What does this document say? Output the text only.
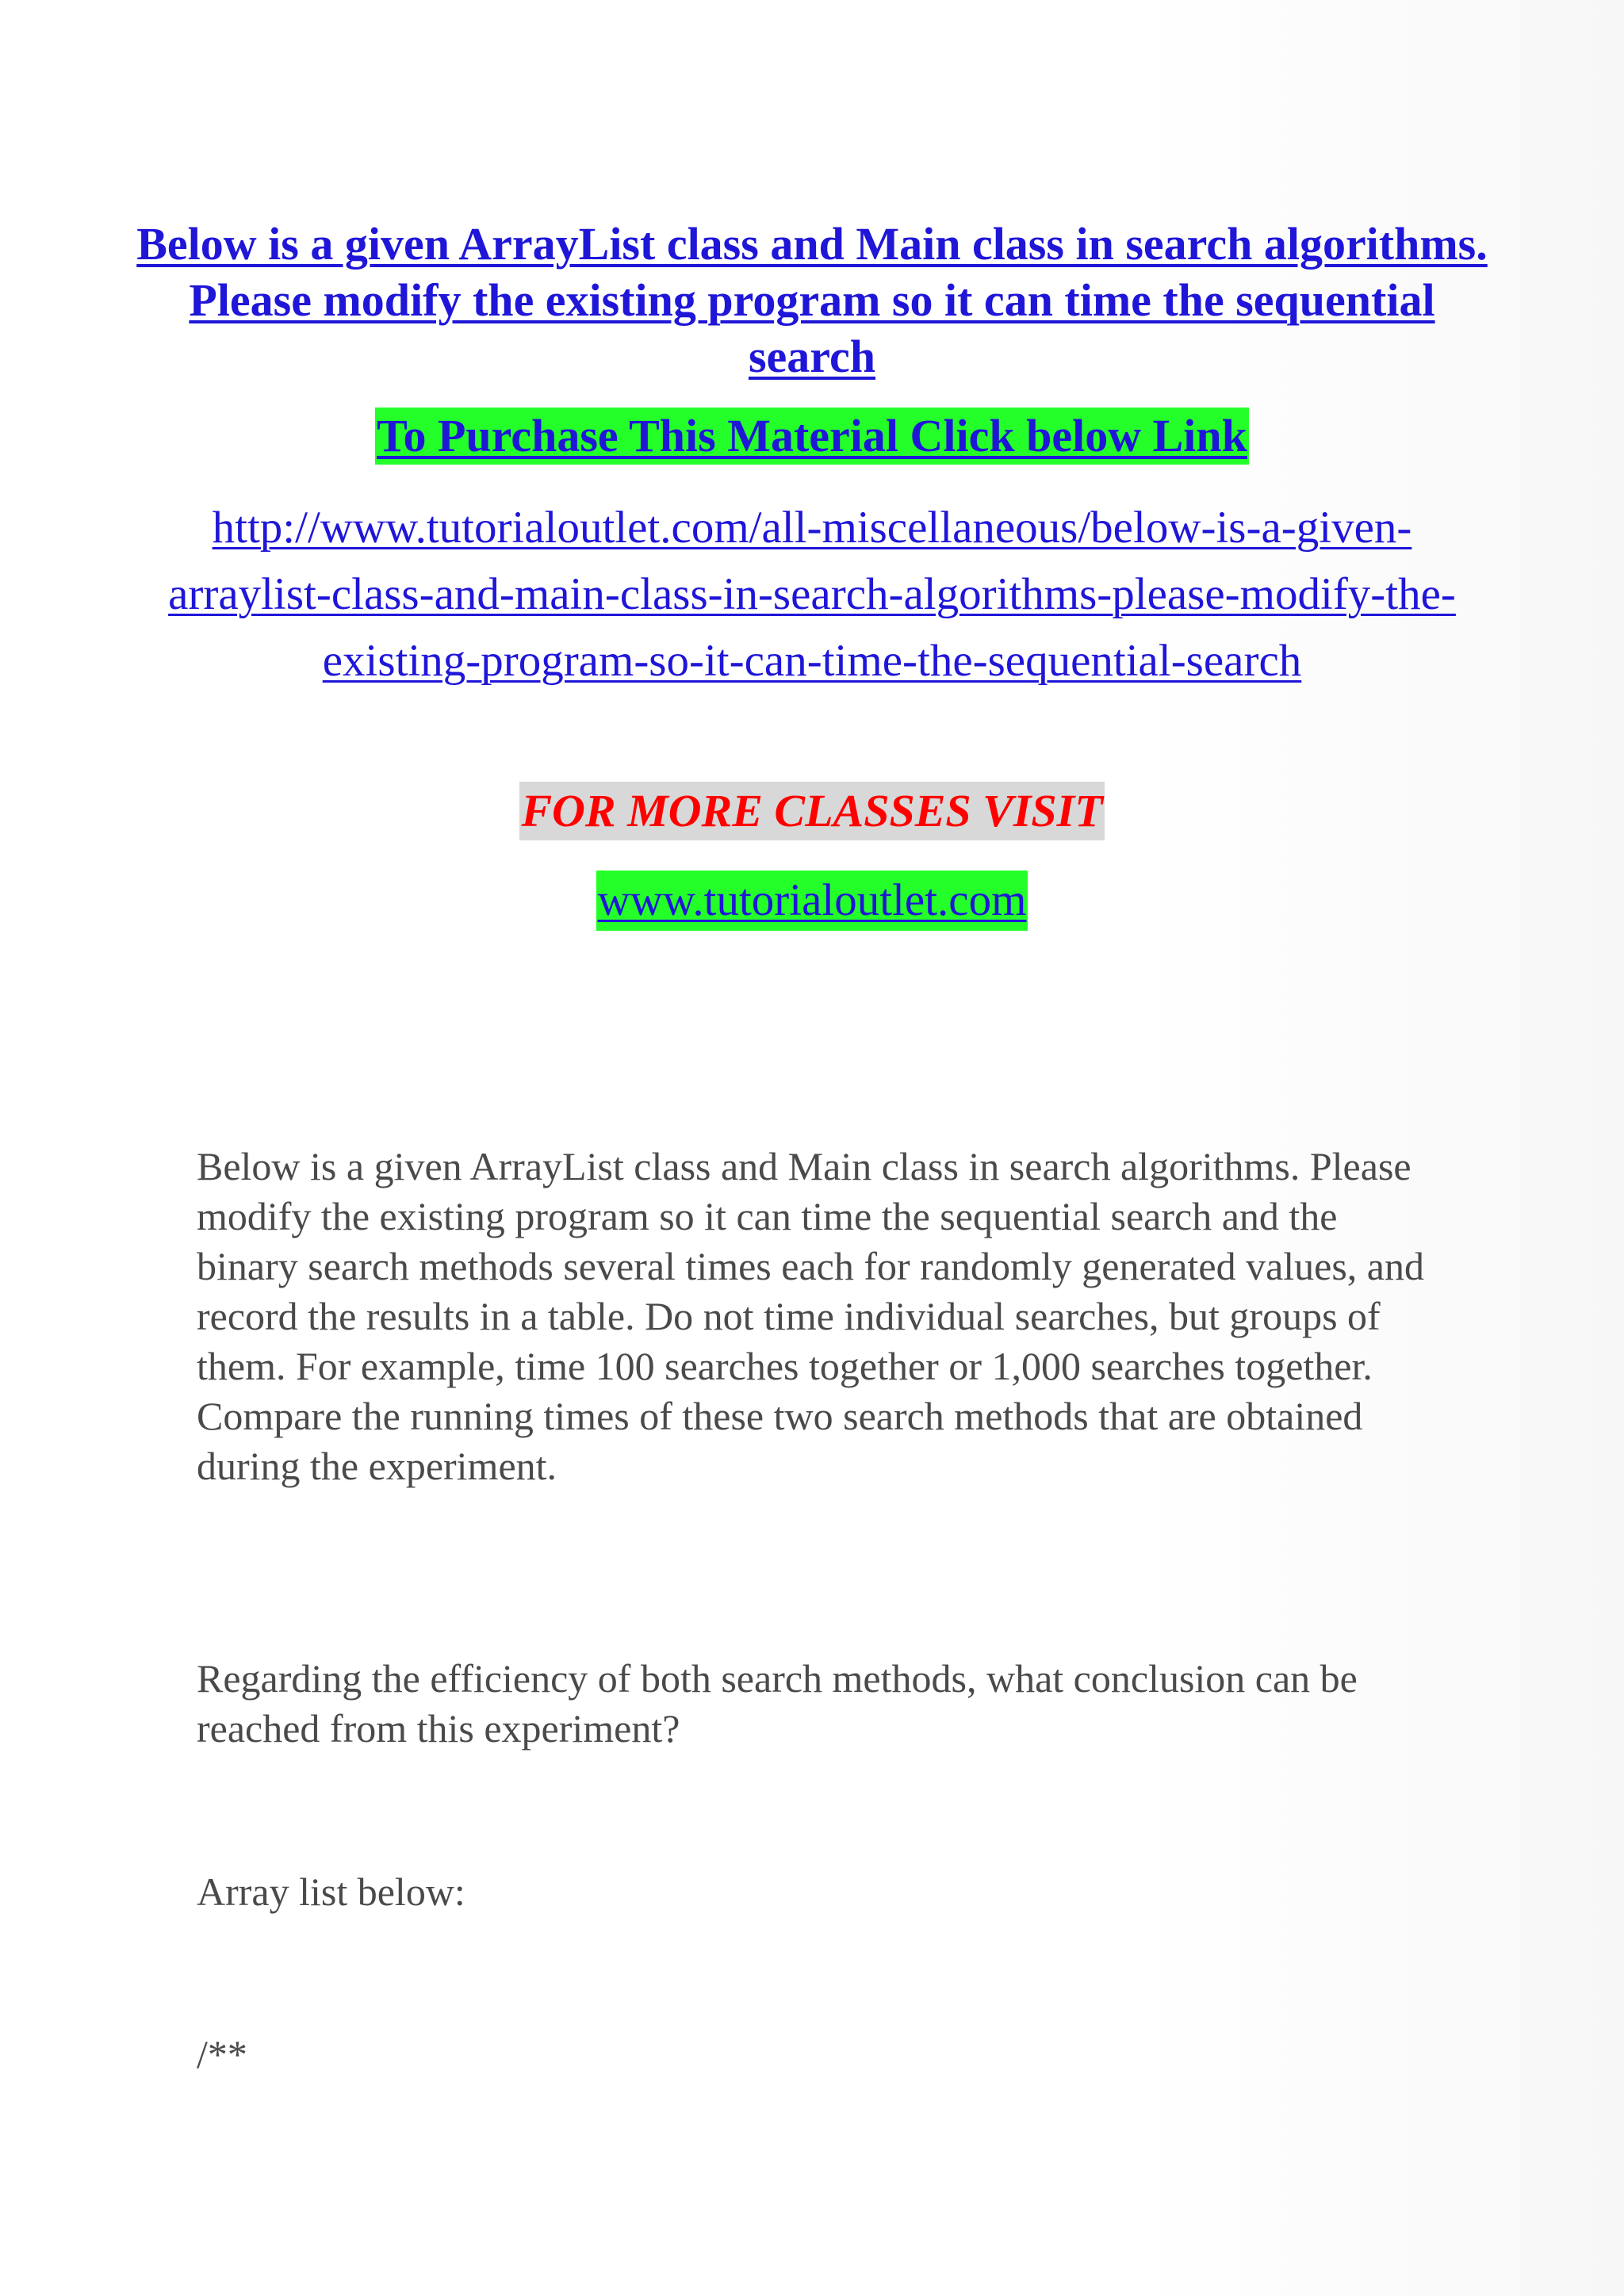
Below is a given ArrayList class and Main class in search algorithms. Please modify the existing program so it can time the sequential search

To Purchase This Material Click below Link

http://www.tutorialoutlet.com/all-miscellaneous/below-is-a-given-arraylist-class-and-main-class-in-search-algorithms-please-modify-the-existing-program-so-it-can-time-the-sequential-search

FOR MORE CLASSES VISIT
www.tutorialoutlet.com

Below is a given ArrayList class and Main class in search algorithms. Please modify the existing program so it can time the sequential search and the binary search methods several times each for randomly generated values, and record the results in a table. Do not time individual searches, but groups of them. For example, time 100 searches together or 1,000 searches together. Compare the running times of these two search methods that are obtained during the experiment.

Regarding the efficiency of both search methods, what conclusion can be reached from this experiment?

Array list below:

/**
